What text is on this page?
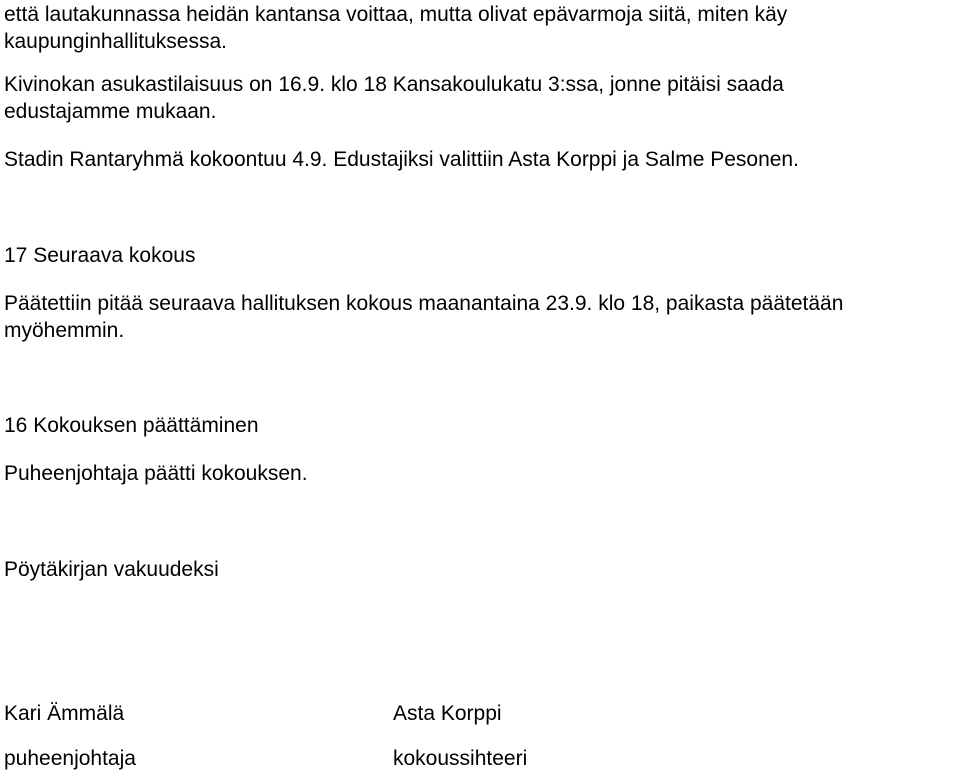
että lautakunnassa heidän kantansa voittaa, mutta olivat epävarmoja siitä, miten käy

kaupunginhallituksessa.

Kivinokan asukastilaisuus on 16.9. klo 18 Kansakoulukatu 3:ssa, jonne pitäisi saada

edustajamme mukaan.

Stadin Rantaryhmä kokoontuu 4.9. Edustajiksi valittiin Asta Korppi ja Salme Pesonen.

17 Seuraava kokous

Päätettiin pitää seuraava hallituksen kokous maanantaina 23.9. klo 18, paikasta päätetään

myöhemmin.

16 Kokouksen päättäminen

Puheenjohtaja päätti kokouksen.

Pöytäkirjan vakuudeksi

Kari Ämmälä

puheenjohtaja

Asta Korppi

kokoussihteeri
